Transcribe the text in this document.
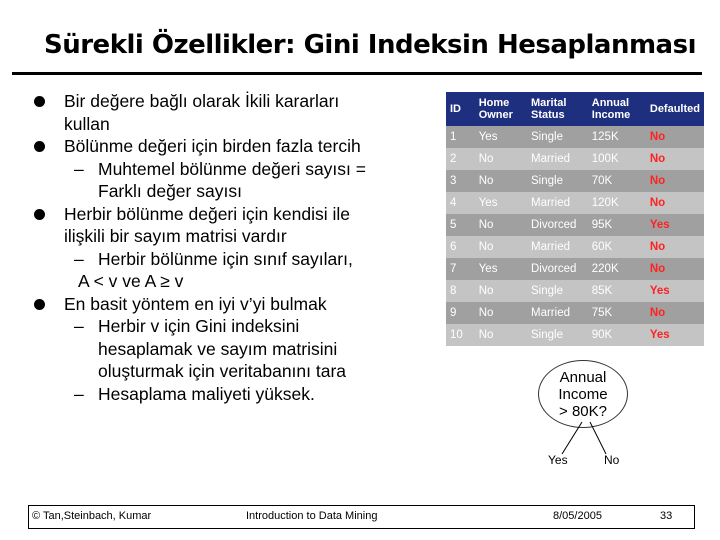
Sürekli Özellikler: Gini Indeksin Hesaplanması
Bir değere bağlı olarak İkili kararları
kullan
Bölünme değeri için birden fazla tercih
– Muhtemel bölünme değeri sayısı =
Farklı değer sayısı
Herbir bölünme değeri için kendisi ile
ilişkili bir sayım matrisi vardır
– Herbir bölünme için sınıf sayıları,
A < v ve A ≥ v
En basit yöntem en iyi v’yi bulmak
– Herbir v için Gini indeksini
hesaplamak ve sayım matrisini
oluşturmak için veritabanını tara
– Hesaplama maliyeti yüksek.
ID	Home Owner	Marital Status	Annual Income	Defaulted
1	Yes	Single	125K	No
2	No	Married	100K	No
3	No	Single	70K	No
4	Yes	Married	120K	No
5	No	Divorced	95K	Yes
6	No	Married	60K	No
7	Yes	Divorced	220K	No
8	No	Single	85K	Yes
9	No	Married	75K	No
10	No	Single	90K	Yes
Annual
Income
> 80K?
Yes	No
© Tan,Steinbach, Kumar	Introduction to Data Mining	8/05/2005	33
